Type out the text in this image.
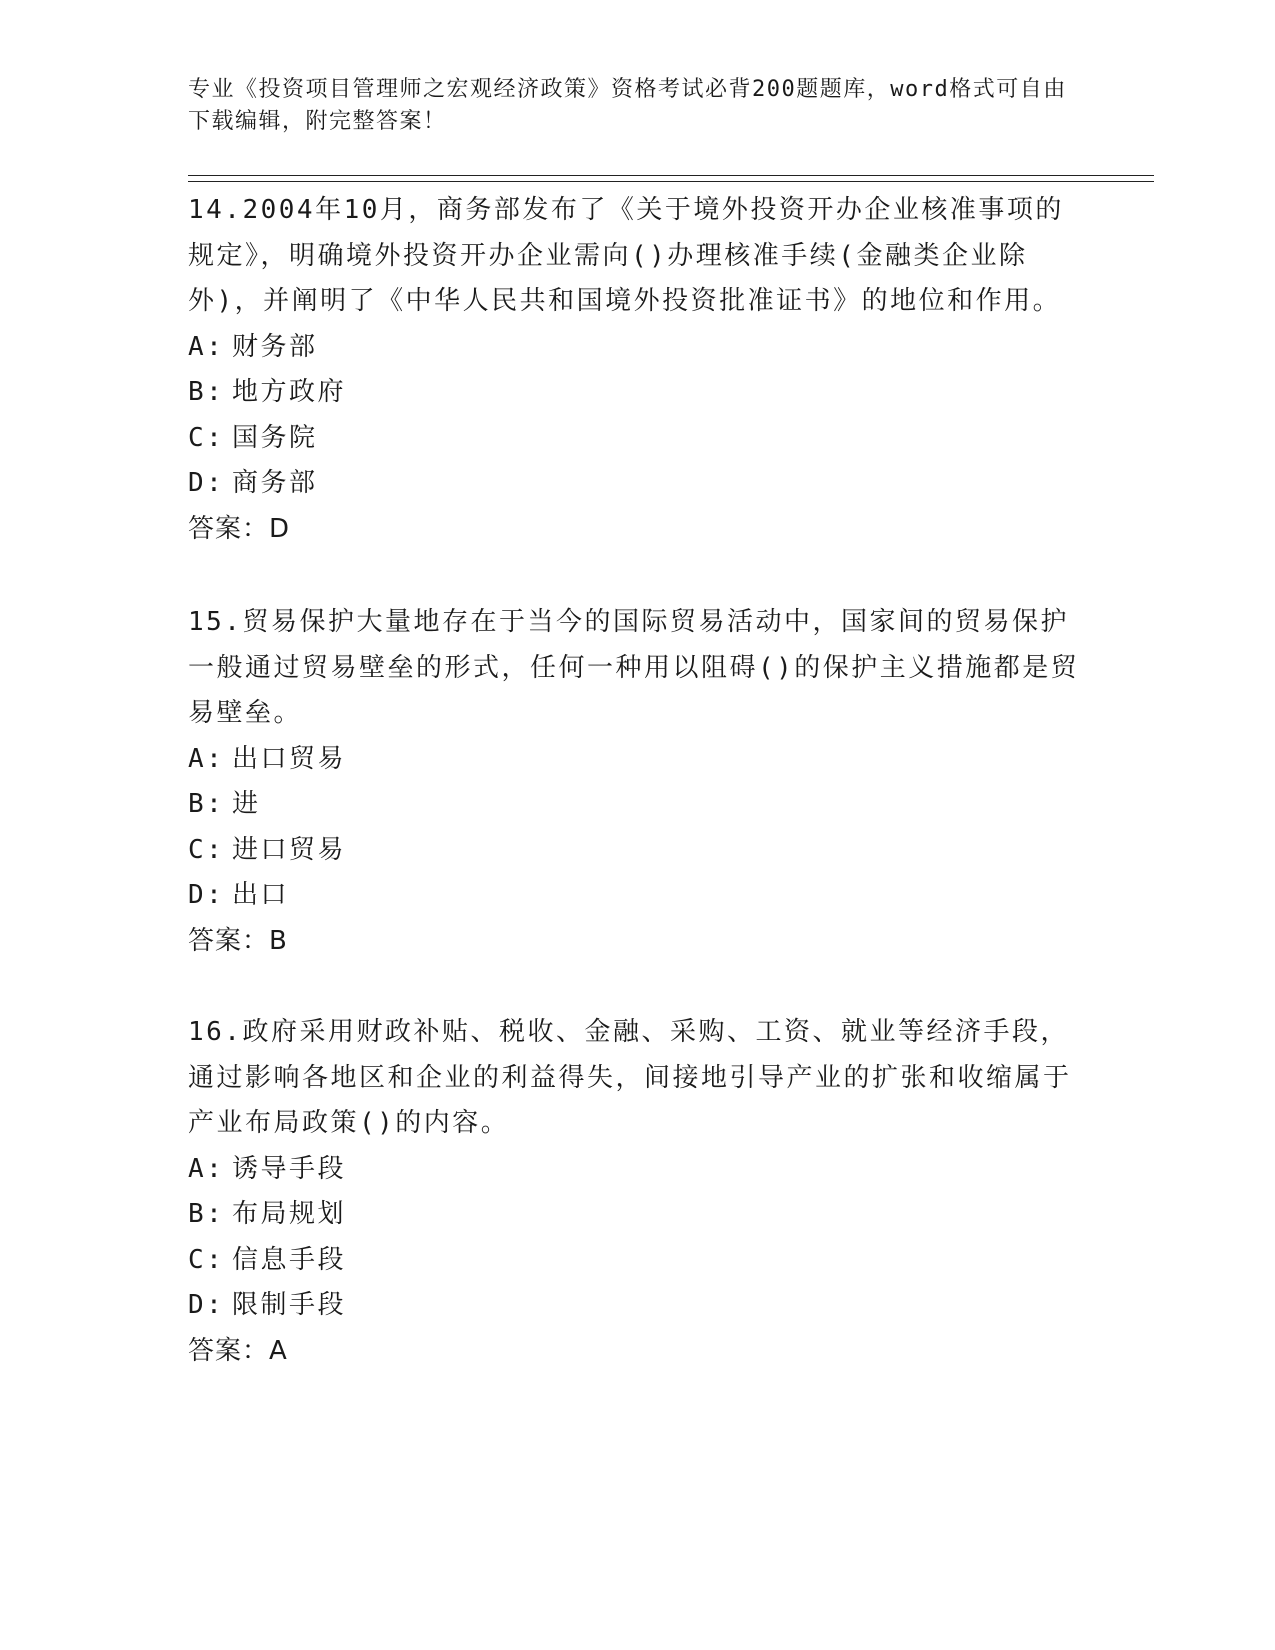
专业《投资项目管理师之宏观经济政策》资格考试必背200题题库，word格式可自由下载编辑，附完整答案！
14.2004年10月，商务部发布了《关于境外投资开办企业核准事项的规定》，明确境外投资开办企业需向()办理核准手续(金融类企业除外)，并阐明了《中华人民共和国境外投资批准证书》的地位和作用。
A: 财务部
B: 地方政府
C: 国务院
D: 商务部
答案：D
15.贸易保护大量地存在于当今的国际贸易活动中，国家间的贸易保护一般通过贸易壁垒的形式，任何一种用以阻碍()的保护主义措施都是贸易壁垒。
A: 出口贸易
B: 进
C: 进口贸易
D: 出口
答案：B
16.政府采用财政补贴、税收、金融、采购、工资、就业等经济手段，通过影响各地区和企业的利益得失，间接地引导产业的扩张和收缩属于产业布局政策()的内容。
A: 诱导手段
B: 布局规划
C: 信息手段
D: 限制手段
答案：A
